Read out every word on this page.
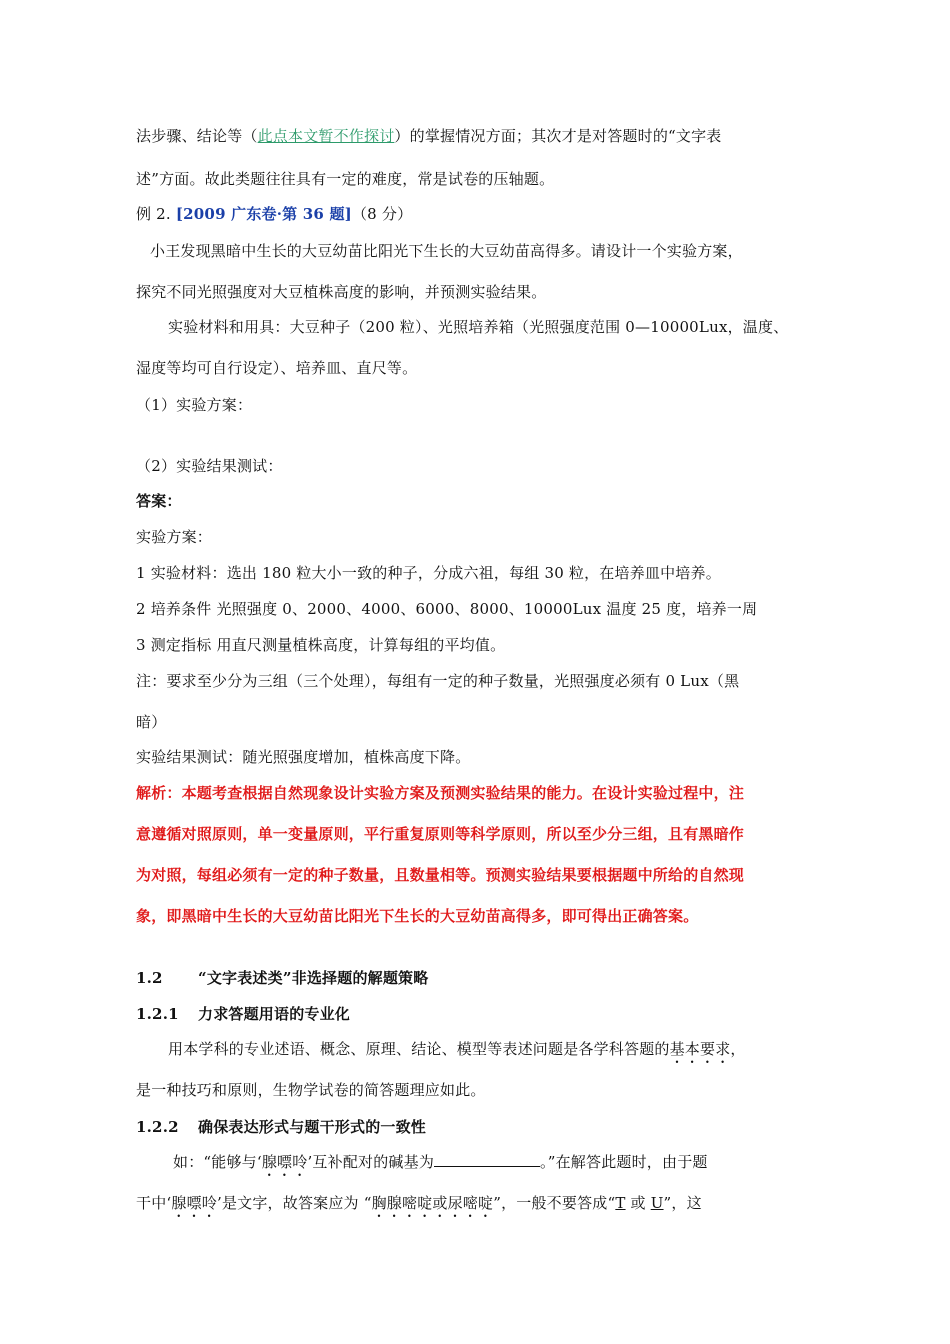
法步骤、结论等（此点本文暂不作探讨）的掌握情况方面；其次才是对答题时的“文字表

述”方面。故此类题往往具有一定的难度，常是试卷的压轴题。

例 2. [2009 广东卷·第 36 题]（8 分）

小王发现黑暗中生长的大豆幼苗比阳光下生长的大豆幼苗高得多。请设计一个实验方案，

探究不同光照强度对大豆植株高度的影响，并预测实验结果。

实验材料和用具：大豆种子（200 粒）、光照培养箱（光照强度范围 0—10000Lux，温度、

湿度等均可自行设定）、培养皿、直尺等。

（1）实验方案：

（2）实验结果测试：

答案：

实验方案：

1 实验材料：选出 180 粒大小一致的种子，分成六祖，每组 30 粒，在培养皿中培养。

2 培养条件 光照强度 0、2000、4000、6000、8000、10000Lux 温度 25 度，培养一周

3 测定指标 用直尺测量植株高度，计算每组的平均值。

注：要求至少分为三组（三个处理），每组有一定的种子数量，光照强度必须有 0 Lux（黑

暗）

实验结果测试：随光照强度增加，植株高度下降。

解析：本题考查根据自然现象设计实验方案及预测实验结果的能力。在设计实验过程中，注

意遵循对照原则，单一变量原则，平行重复原则等科学原则，所以至少分三组，且有黑暗作

为对照，每组必须有一定的种子数量，且数量相等。预测实验结果要根据题中所给的自然现

象，即黑暗中生长的大豆幼苗比阳光下生长的大豆幼苗高得多，即可得出正确答案。

1.2 “文字表述类”非选择题的解题策略

1.2.1 力求答题用语的专业化

用本学科的专业述语、概念、原理、结论、模型等表述问题是各学科答题的基本要求，

是一种技巧和原则，生物学试卷的简答题理应如此。

1.2.2 确保表达形式与题干形式的一致性

如：“能够与‘腺嘌呤’互补配对的碱基为	。”在解答此题时，由于题

干中‘腺嘌呤’是文字，故答案应为 “胸腺嘧啶或尿嘧啶”，一般不要答成“T 或 U”，这
